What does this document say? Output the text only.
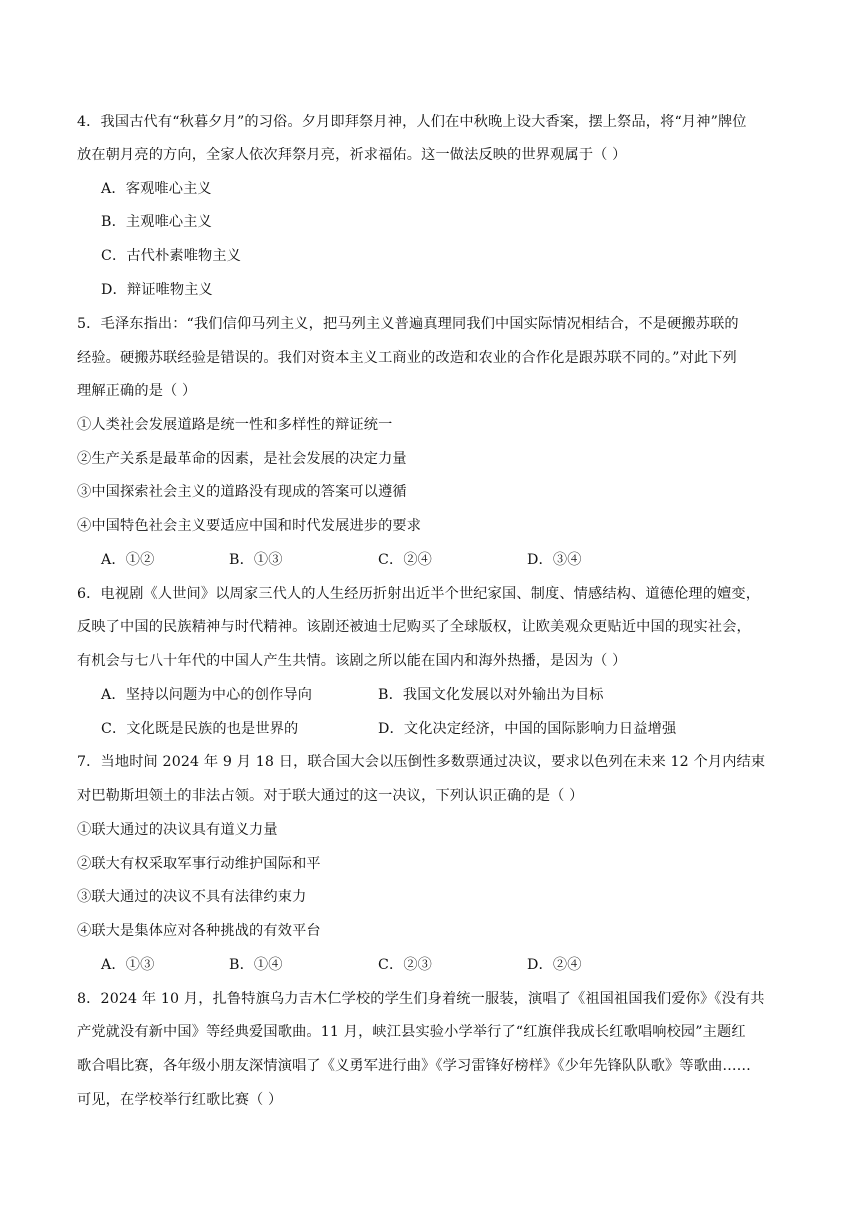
4．我国古代有“秋暮夕月”的习俗。夕月即拜祭月神，人们在中秋晚上设大香案，摆上祭品，将“月神”牌位
放在朝月亮的方向，全家人依次拜祭月亮，祈求福佑。这一做法反映的世界观属于（ ）
A．客观唯心主义
B．主观唯心主义
C．古代朴素唯物主义
D．辩证唯物主义
5．毛泽东指出：“我们信仰马列主义，把马列主义普遍真理同我们中国实际情况相结合，不是硬搬苏联的
经验。硬搬苏联经验是错误的。我们对资本主义工商业的改造和农业的合作化是跟苏联不同的。”对此下列
理解正确的是（ ）
①人类社会发展道路是统一性和多样性的辩证统一
②生产关系是最革命的因素，是社会发展的决定力量
③中国探索社会主义的道路没有现成的答案可以遵循
④中国特色社会主义要适应中国和时代发展进步的要求
A．①②	B．①③	C．②④	D．③④
6．电视剧《人世间》以周家三代人的人生经历折射出近半个世纪家国、制度、情感结构、道德伦理的嬗变，
反映了中国的民族精神与时代精神。该剧还被迪士尼购买了全球版权，让欧美观众更贴近中国的现实社会，
有机会与七八十年代的中国人产生共情。该剧之所以能在国内和海外热播，是因为（ ）
A．坚持以问题为中心的创作导向	B．我国文化发展以对外输出为目标
C．文化既是民族的也是世界的	D．文化决定经济，中国的国际影响力日益增强
7．当地时间 2024 年 9 月 18 日，联合国大会以压倒性多数票通过决议，要求以色列在未来 12 个月内结束
对巴勒斯坦领土的非法占领。对于联大通过的这一决议，下列认识正确的是（ ）
①联大通过的决议具有道义力量
②联大有权采取军事行动维护国际和平
③联大通过的决议不具有法律约束力
④联大是集体应对各种挑战的有效平台
A．①③	B．①④	C．②③	D．②④
8．2024 年 10 月，扎鲁特旗乌力吉木仁学校的学生们身着统一服装，演唱了《祖国祖国我们爱你》《没有共
产党就没有新中国》等经典爱国歌曲。11 月，峡江县实验小学举行了“红旗伴我成长红歌唱响校园”主题红
歌合唱比赛，各年级小朋友深情演唱了《义勇军进行曲》《学习雷锋好榜样》《少年先锋队队歌》等歌曲……
可见，在学校举行红歌比赛（ ）
